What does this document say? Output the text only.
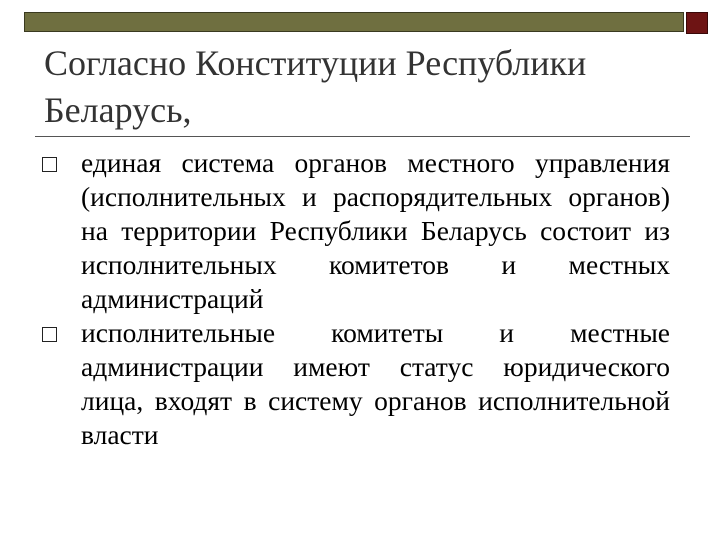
Согласно Конституции Республики Беларусь,
единая система органов местного управления (исполнительных и распорядительных органов) на территории Республики Беларусь состоит из исполнительных комитетов и местных администраций
исполнительные комитеты и местные администрации имеют статус юридического лица, входят в систему органов исполнительной власти
